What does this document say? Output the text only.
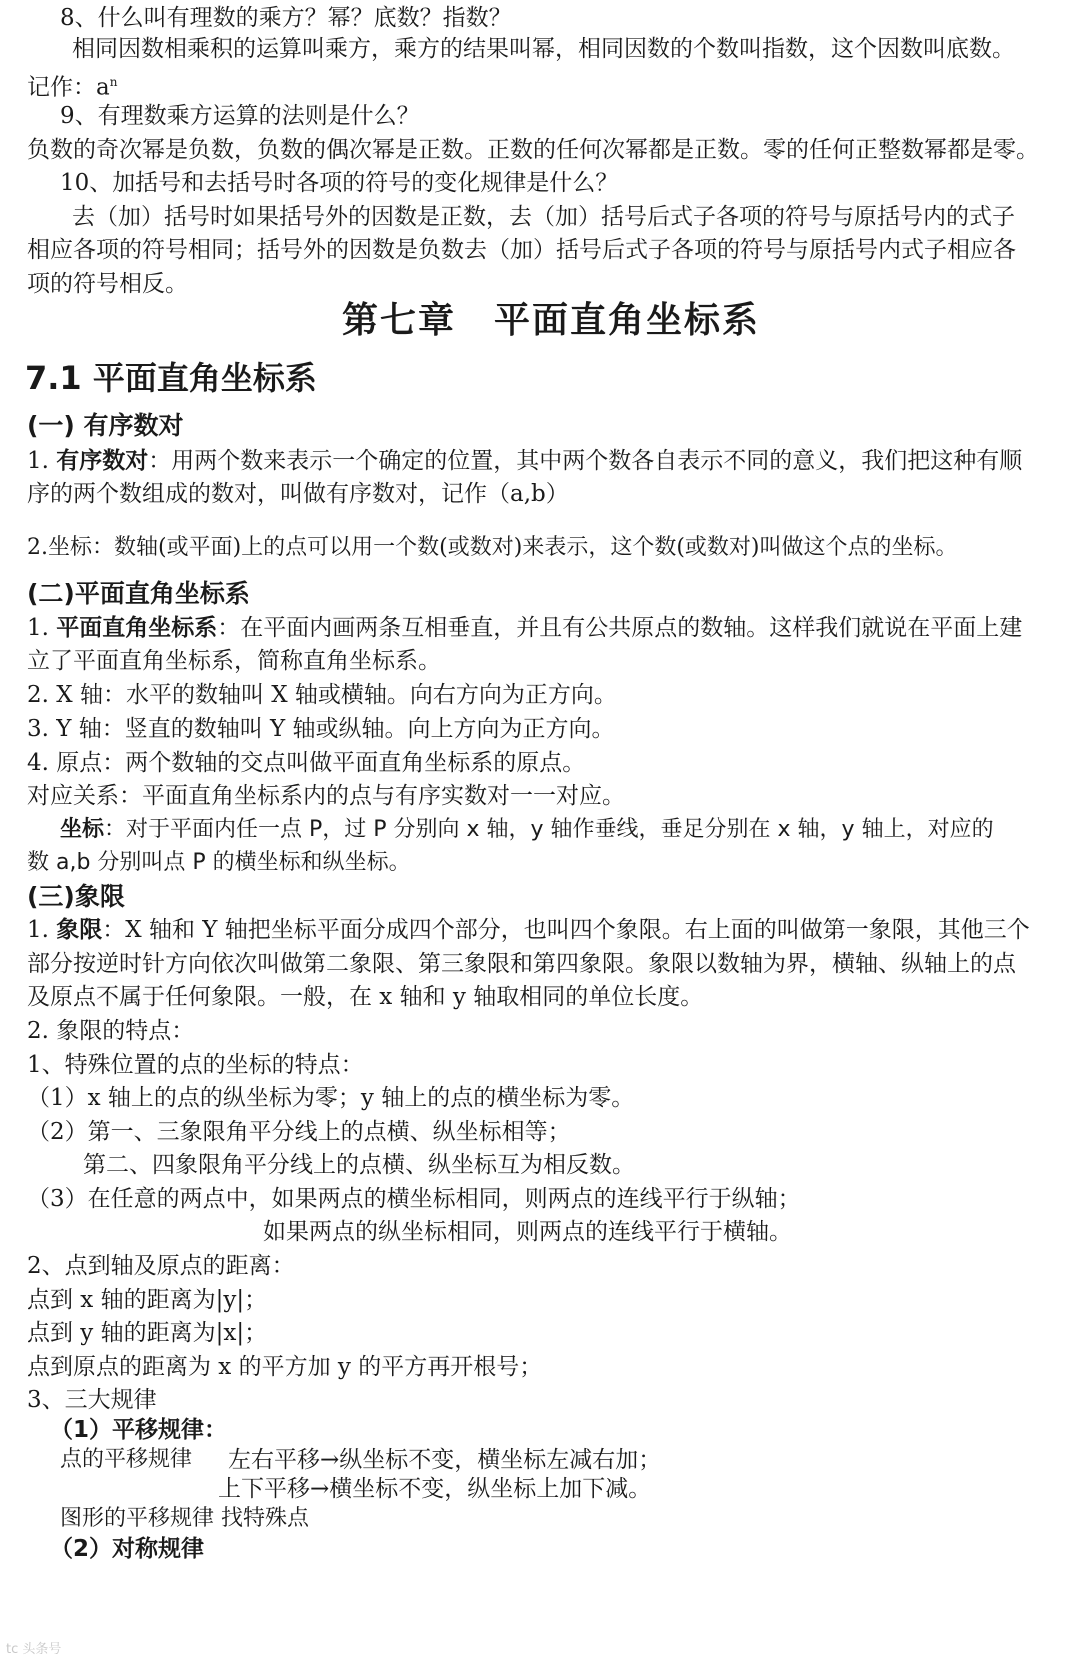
8、什么叫有理数的乘方？幂？底数？指数？
相同因数相乘积的运算叫乘方，乘方的结果叫幂，相同因数的个数叫指数，这个因数叫底数。
记作：$a^n$
9、有理数乘方运算的法则是什么？
负数的奇次幂是负数，负数的偶次幂是正数。正数的任何次幂都是正数。零的任何正整数幂都是零。
10、加括号和去括号时各项的符号的变化规律是什么？
去（加）括号时如果括号外的因数是正数，去（加）括号后式子各项的符号与原括号内的式子
相应各项的符号相同；括号外的因数是负数去（加）括号后式子各项的符号与原括号内式子相应各
项的符号相反。
第七章　平面直角坐标系
7.1 平面直角坐标系
(一) 有序数对
1. 有序数对：用两个数来表示一个确定的位置，其中两个数各自表示不同的意义，我们把这种有顺
序的两个数组成的数对，叫做有序数对，记作（a,b）
2.坐标：数轴(或平面)上的点可以用一个数(或数对)来表示，这个数(或数对)叫做这个点的坐标。
(二)平面直角坐标系
1. 平面直角坐标系：在平面内画两条互相垂直，并且有公共原点的数轴。这样我们就说在平面上建
立了平面直角坐标系，简称直角坐标系。
2. X 轴：水平的数轴叫 X 轴或横轴。向右方向为正方向。
3. Y 轴：竖直的数轴叫 Y 轴或纵轴。向上方向为正方向。
4. 原点：两个数轴的交点叫做平面直角坐标系的原点。
对应关系：平面直角坐标系内的点与有序实数对一一对应。
坐标：对于平面内任一点 P，过 P 分别向 x 轴，y 轴作垂线，垂足分别在 x 轴，y 轴上，对应的
数 a,b 分别叫点 P 的横坐标和纵坐标。
(三)象限
1. 象限：X 轴和 Y 轴把坐标平面分成四个部分，也叫四个象限。右上面的叫做第一象限，其他三个
部分按逆时针方向依次叫做第二象限、第三象限和第四象限。象限以数轴为界，横轴、纵轴上的点
及原点不属于任何象限。一般，在 x 轴和 y 轴取相同的单位长度。
2. 象限的特点：
1、特殊位置的点的坐标的特点：
（1）x 轴上的点的纵坐标为零；y 轴上的点的横坐标为零。
（2）第一、三象限角平分线上的点横、纵坐标相等；
第二、四象限角平分线上的点横、纵坐标互为相反数。
（3）在任意的两点中，如果两点的横坐标相同，则两点的连线平行于纵轴；
如果两点的纵坐标相同，则两点的连线平行于横轴。
2、点到轴及原点的距离：
点到 x 轴的距离为|y|；
点到 y 轴的距离为|x|；
点到原点的距离为 x 的平方加 y 的平方再开根号；
3、三大规律
（1）平移规律：
点的平移规律 左右平移→纵坐标不变，横坐标左减右加；
上下平移→横坐标不变，纵坐标上加下减。
图形的平移规律 找特殊点
（2）对称规律
tc 头条号
